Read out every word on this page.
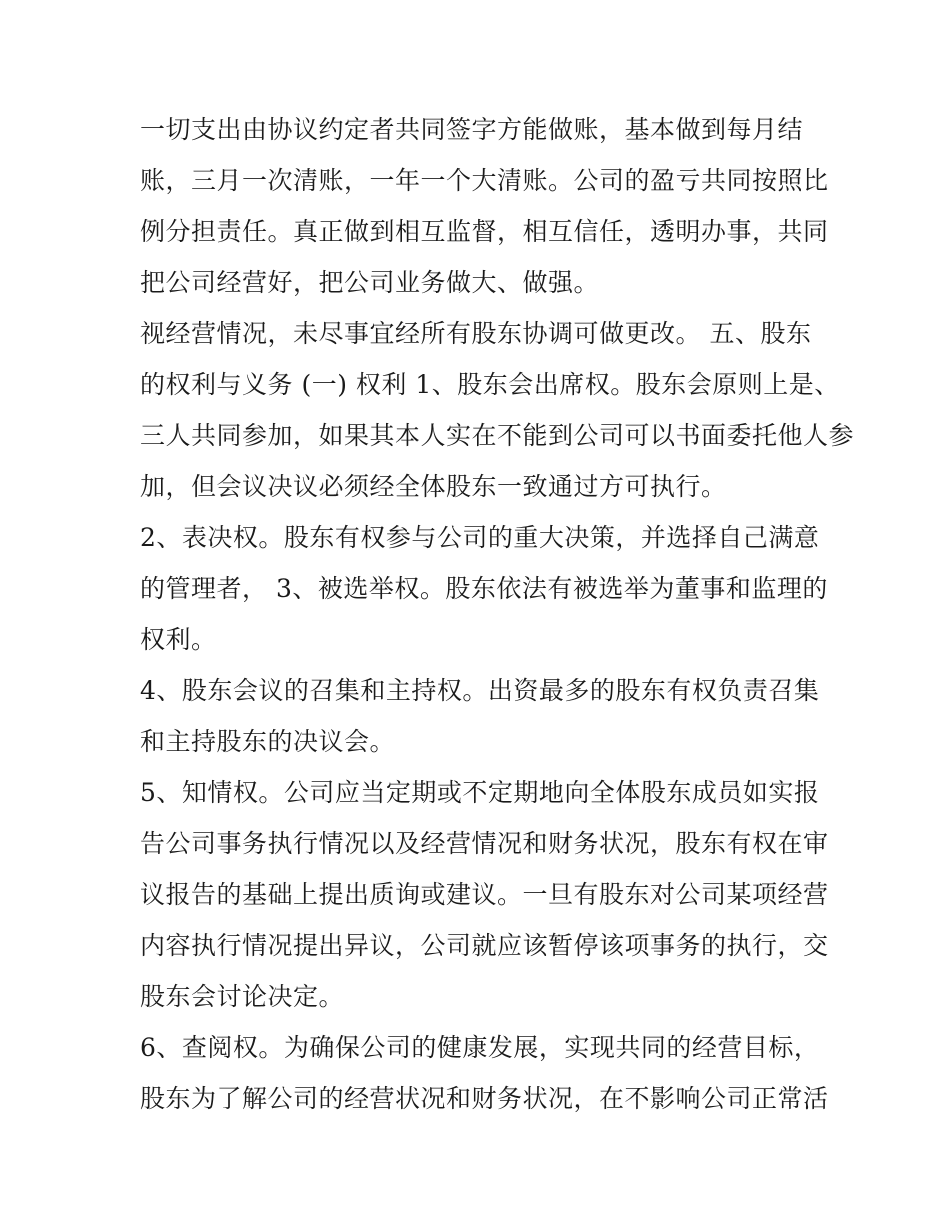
一切支出由协议约定者共同签字方能做账，基本做到每月结
账，三月一次清账，一年一个大清账。公司的盈亏共同按照比
例分担责任。真正做到相互监督，相互信任，透明办事，共同
把公司经营好，把公司业务做大、做强。
视经营情况，未尽事宜经所有股东协调可做更改。 五、股东
的权利与义务 (一) 权利 1、股东会出席权。股东会原则上是、
三人共同参加，如果其本人实在不能到公司可以书面委托他人参
加，但会议决议必须经全体股东一致通过方可执行。
2、表决权。股东有权参与公司的重大决策，并选择自己满意
的管理者， 3、被选举权。股东依法有被选举为董事和监理的
权利。
4、股东会议的召集和主持权。出资最多的股东有权负责召集
和主持股东的决议会。
5、知情权。公司应当定期或不定期地向全体股东成员如实报
告公司事务执行情况以及经营情况和财务状况，股东有权在审
议报告的基础上提出质询或建议。一旦有股东对公司某项经营
内容执行情况提出异议，公司就应该暂停该项事务的执行，交
股东会讨论决定。
6、查阅权。为确保公司的健康发展，实现共同的经营目标，
股东为了解公司的经营状况和财务状况，在不影响公司正常活
